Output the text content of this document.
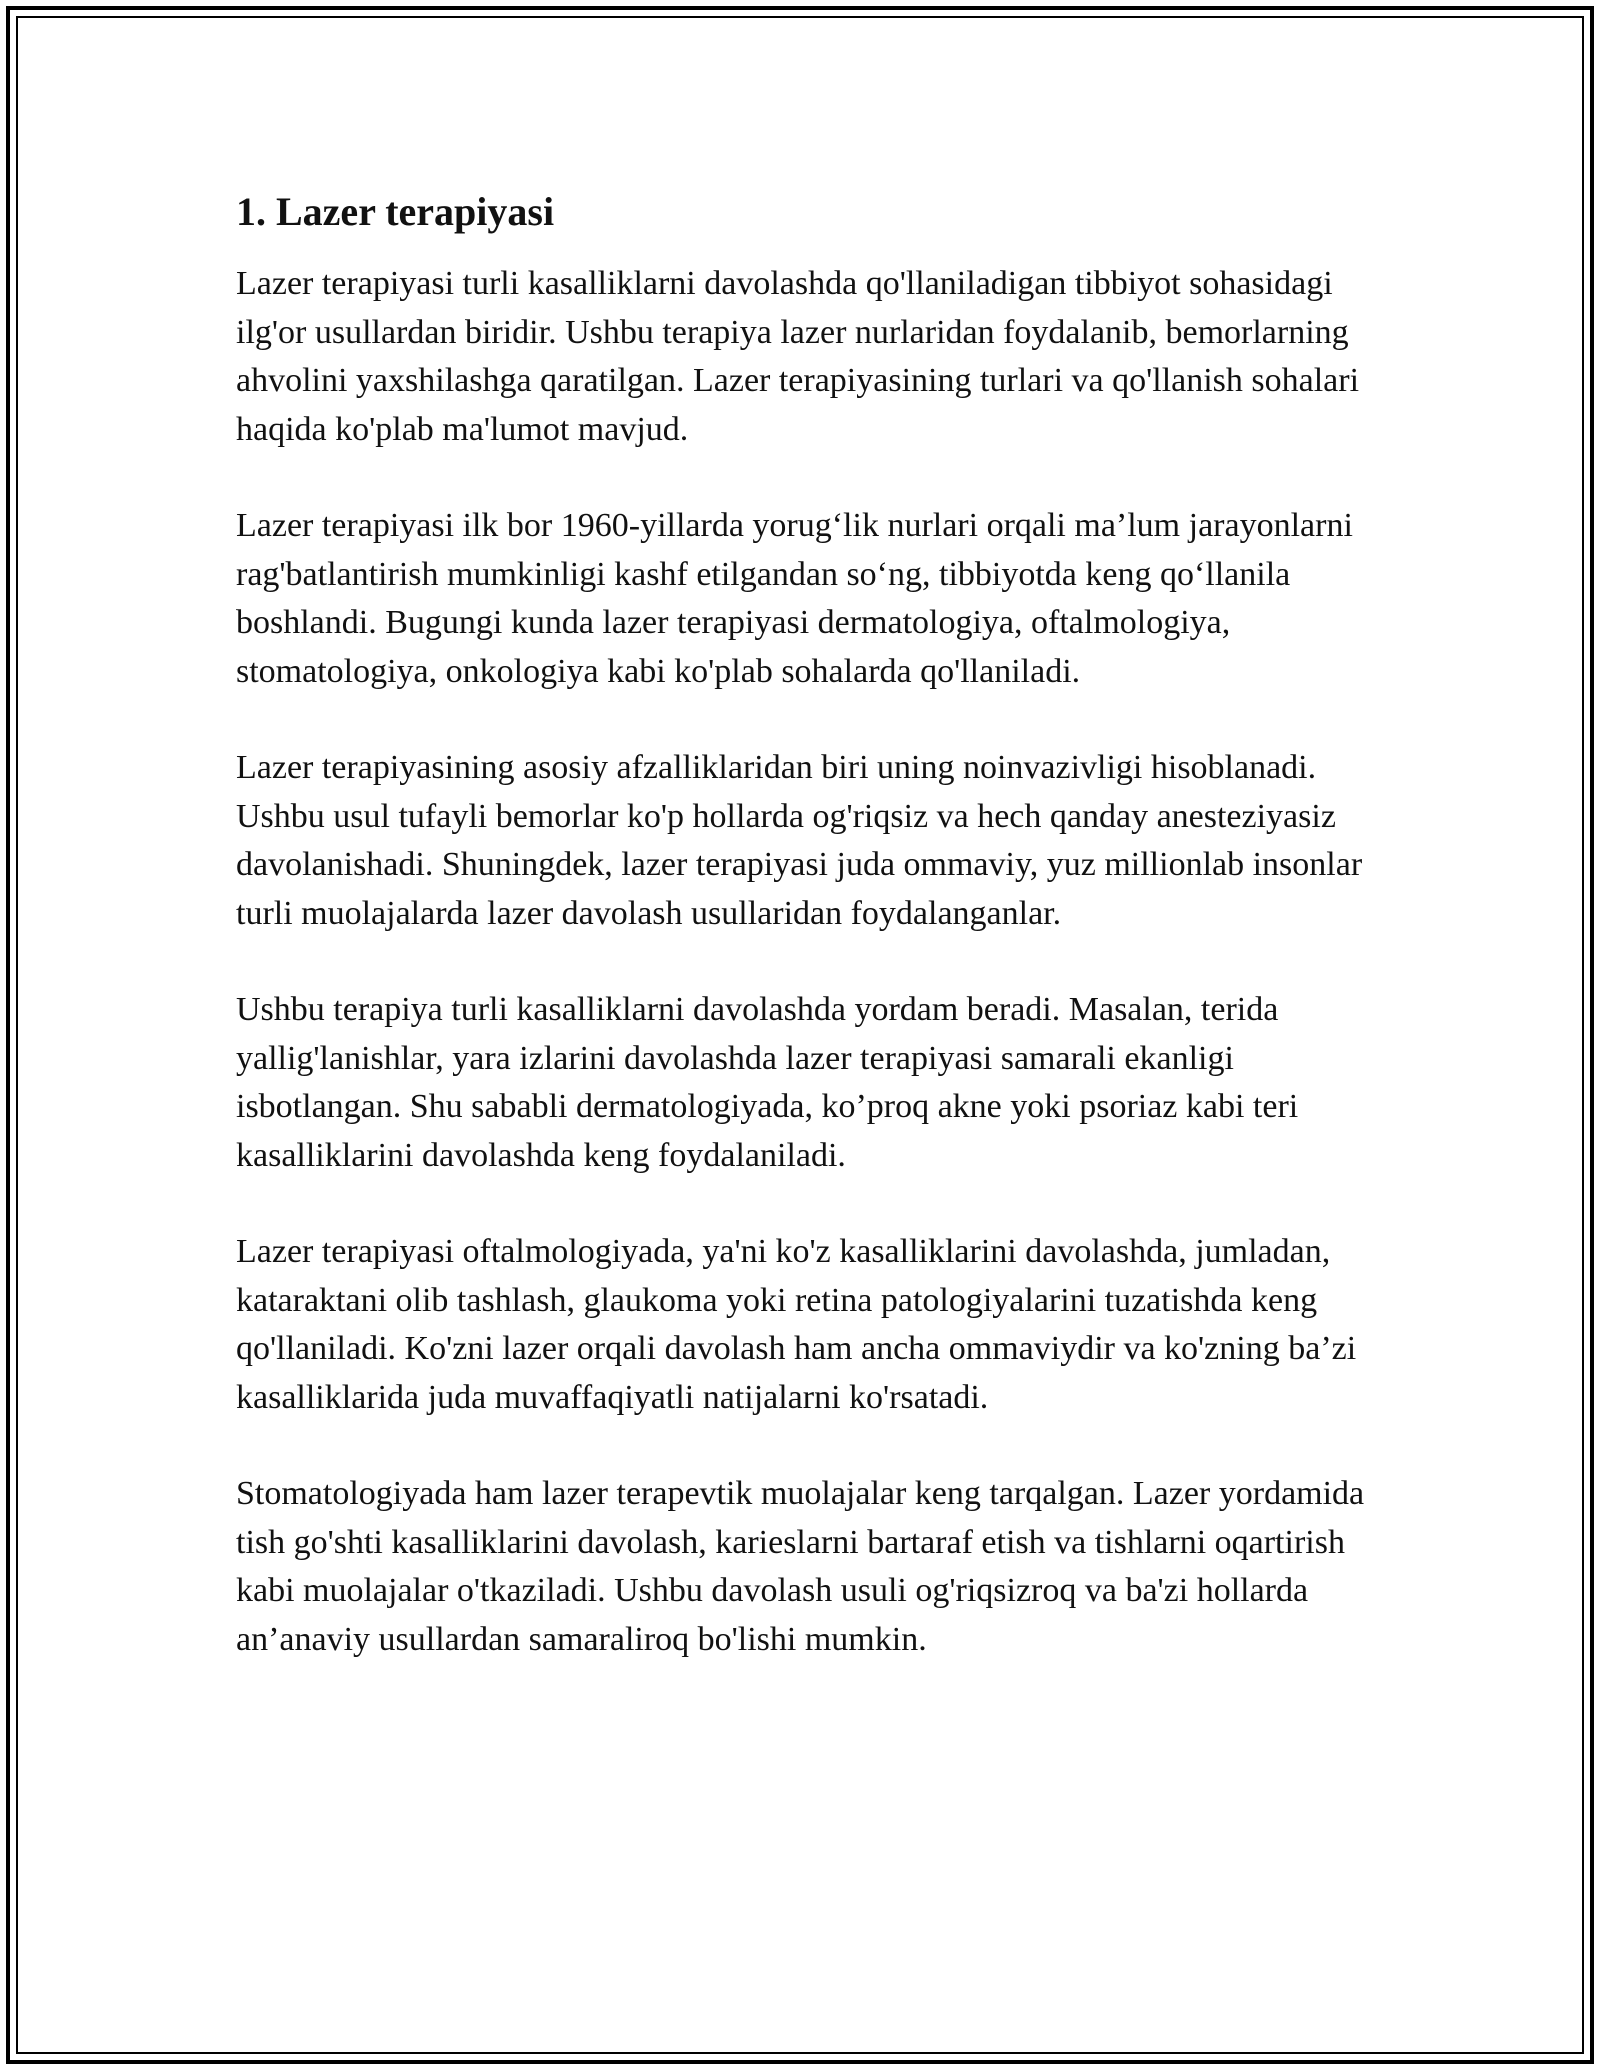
1. Lazer terapiyasi

Lazer terapiyasi turli kasalliklarni davolashda qo'llaniladigan tibbiyot sohasidagi ilg'or usullardan biridir. Ushbu terapiya lazer nurlaridan foydalanib, bemorlarning ahvolini yaxshilashga qaratilgan. Lazer terapiyasining turlari va qo'llanish sohalari haqida ko'plab ma'lumot mavjud.

Lazer terapiyasi ilk bor 1960-yillarda yorug‘lik nurlari orqali ma’lum jarayonlarni rag'batlantirish mumkinligi kashf etilgandan so‘ng, tibbiyotda keng qo‘llanila boshlandi. Bugungi kunda lazer terapiyasi dermatologiya, oftalmologiya, stomatologiya, onkologiya kabi ko'plab sohalarda qo'llaniladi.

Lazer terapiyasining asosiy afzalliklaridan biri uning noinvazivligi hisoblanadi. Ushbu usul tufayli bemorlar ko'p hollarda og'riqsiz va hech qanday anesteziyasiz davolanishadi. Shuningdek, lazer terapiyasi juda ommaviy, yuz millionlab insonlar turli muolajalarda lazer davolash usullaridan foydalanganlar.

Ushbu terapiya turli kasalliklarni davolashda yordam beradi. Masalan, terida yallig'lanishlar, yara izlarini davolashda lazer terapiyasi samarali ekanligi isbotlangan. Shu sababli dermatologiyada, ko’proq akne yoki psoriaz kabi teri kasalliklarini davolashda keng foydalaniladi.

Lazer terapiyasi oftalmologiyada, ya'ni ko'z kasalliklarini davolashda, jumladan, kataraktani olib tashlash, glaukoma yoki retina patologiyalarini tuzatishda keng qo'llaniladi. Ko'zni lazer orqali davolash ham ancha ommaviydir va ko'zning ba’zi kasalliklarida juda muvaffaqiyatli natijalarni ko'rsatadi.

Stomatologiyada ham lazer terapevtik muolajalar keng tarqalgan. Lazer yordamida tish go'shti kasalliklarini davolash, karieslarni bartaraf etish va tishlarni oqartirish kabi muolajalar o'tkaziladi. Ushbu davolash usuli og'riqsizroq va ba'zi hollarda an’anaviy usullardan samaraliroq bo'lishi mumkin.
